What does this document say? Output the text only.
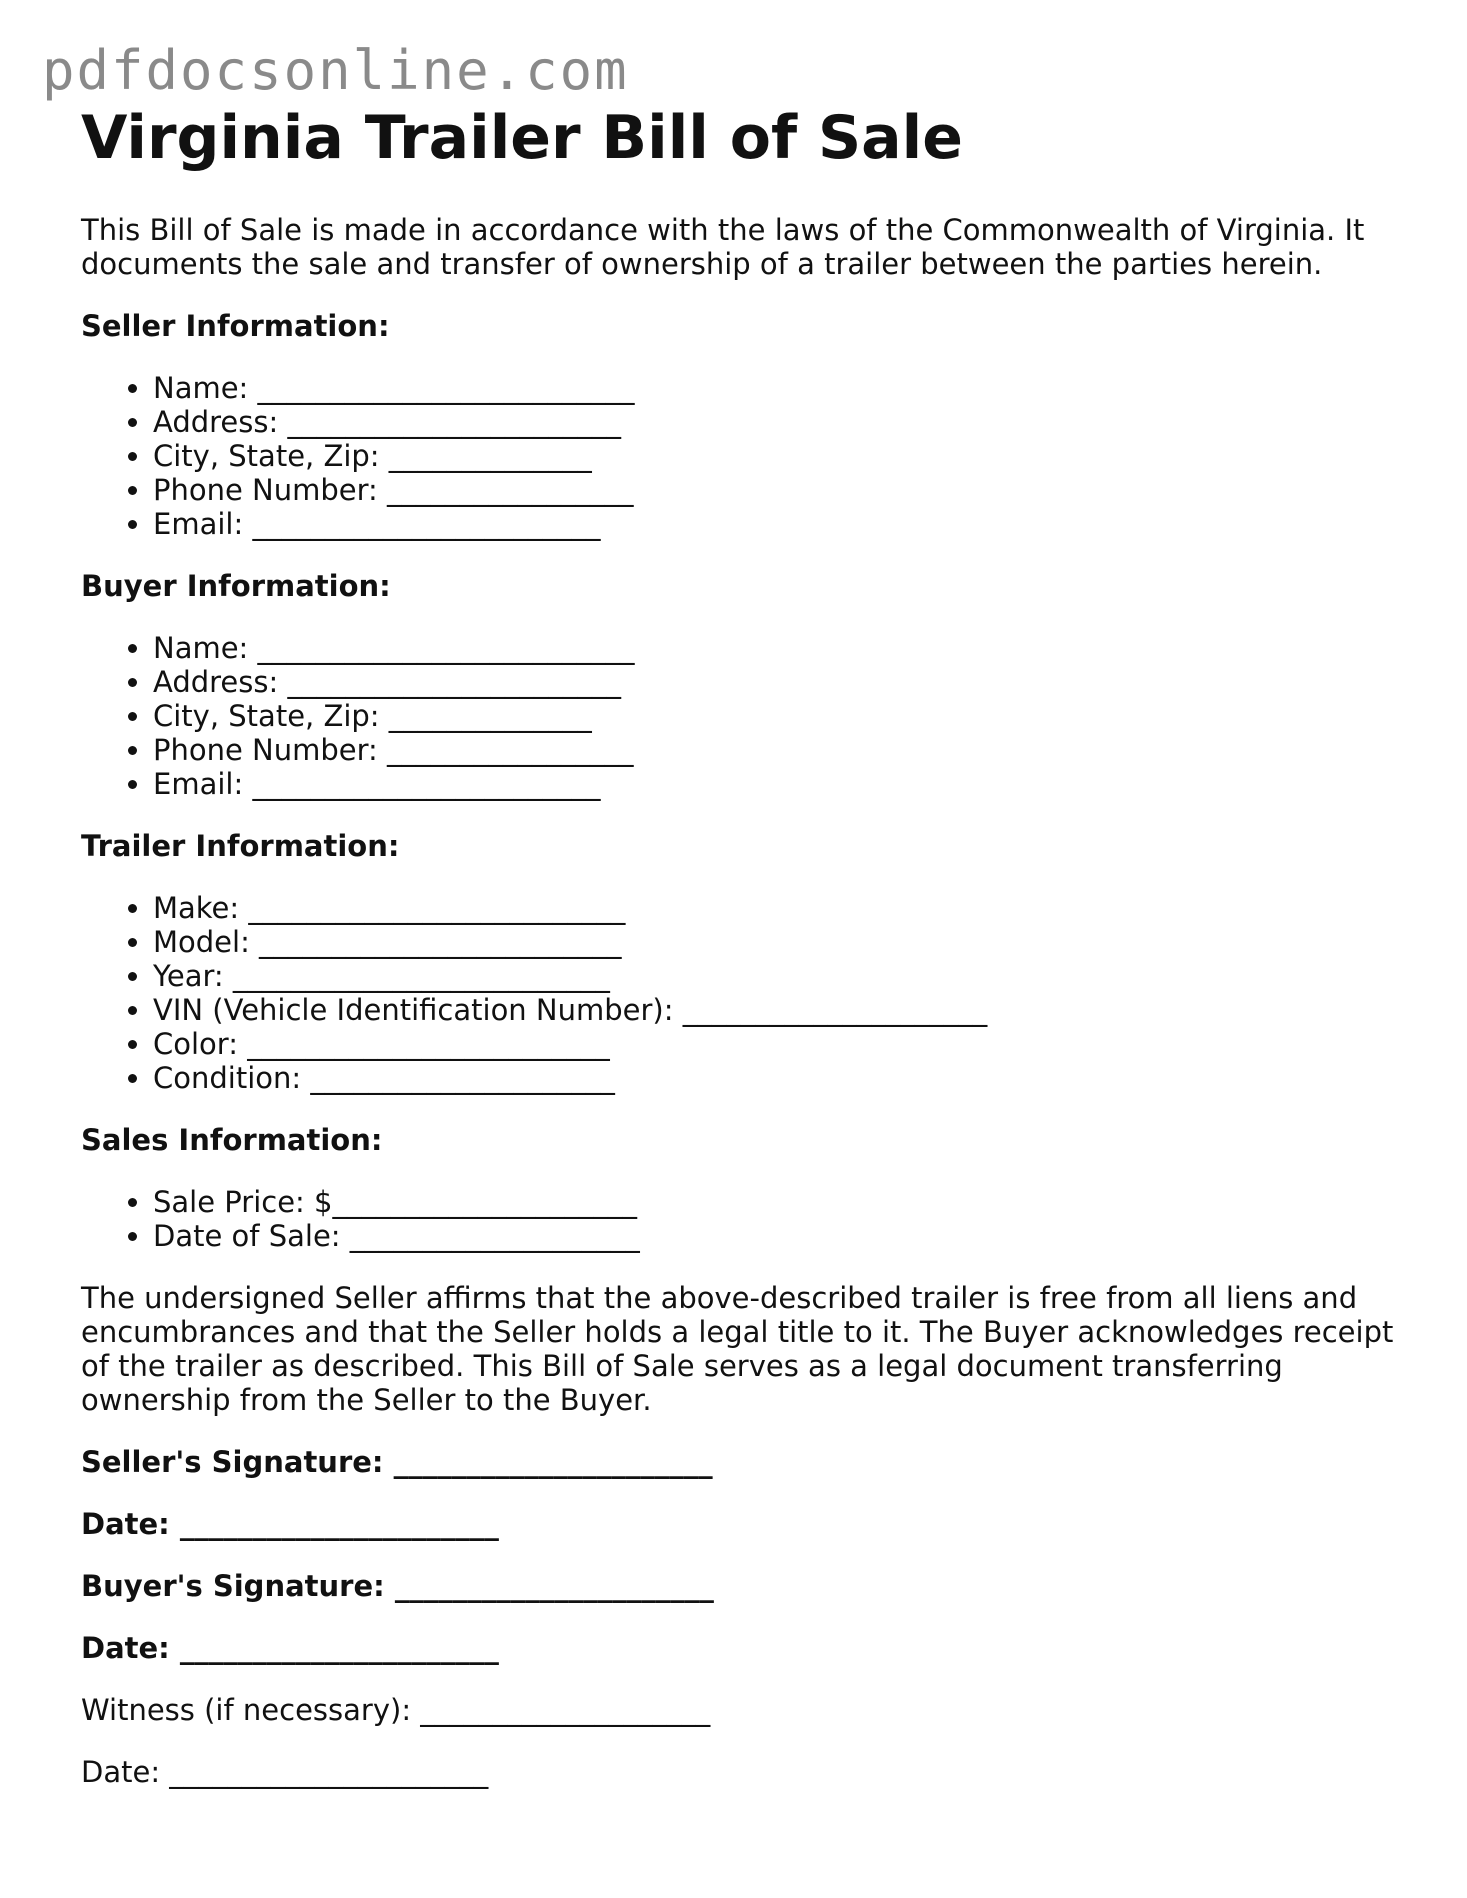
pdfdocsonline.com
Virginia Trailer Bill of Sale

This Bill of Sale is made in accordance with the laws of the Commonwealth of Virginia. It documents the sale and transfer of ownership of a trailer between the parties herein.

Seller Information:
• Name: __________________________
• Address: _______________________
• City, State, Zip: ______________
• Phone Number: _________________
• Email: ________________________
Buyer Information:
• Name: __________________________
• Address: _______________________
• City, State, Zip: ______________
• Phone Number: _________________
• Email: ________________________
Trailer Information:
• Make: __________________________
• Model: _________________________
• Year: __________________________
• VIN (Vehicle Identification Number): _____________________
• Color: _________________________
• Condition: _____________________
Sales Information:
• Sale Price: $_____________________
• Date of Sale: ____________________

The undersigned Seller affirms that the above-described trailer is free from all liens and encumbrances and that the Seller holds a legal title to it. The Buyer acknowledges receipt of the trailer as described. This Bill of Sale serves as a legal document transferring ownership from the Seller to the Buyer.

Seller's Signature: ______________________

Date: ______________________

Buyer's Signature: ______________________

Date: ______________________

Witness (if necessary): ____________________

Date: ______________________
